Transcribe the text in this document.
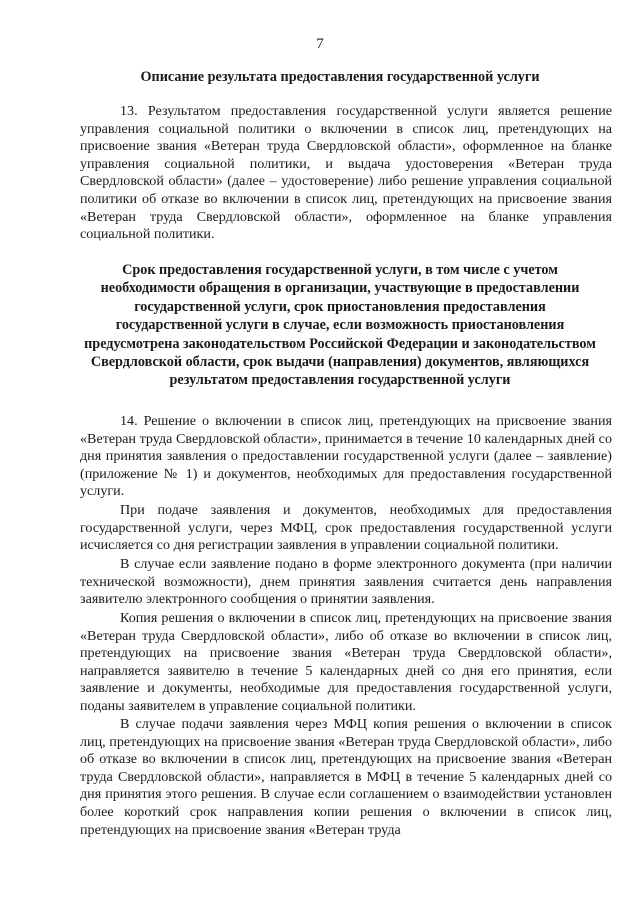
7
Описание результата предоставления государственной услуги

13. Результатом предоставления государственной услуги является решение управления социальной политики о включении в список лиц, претендующих на присвоение звания «Ветеран труда Свердловской области», оформленное на бланке управления социальной политики, и выдача удостоверения «Ветеран труда Свердловской области» (далее – удостоверение) либо решение управления социальной политики об отказе во включении в список лиц, претендующих на присвоение звания «Ветеран труда Свердловской области», оформленное на бланке управления социальной политики.

Срок предоставления государственной услуги, в том числе с учетом необходимости обращения в организации, участвующие в предоставлении государственной услуги, срок приостановления предоставления государственной услуги в случае, если возможность приостановления предусмотрена законодательством Российской Федерации и законодательством Свердловской области, срок выдачи (направления) документов, являющихся результатом предоставления государственной услуги

14. Решение о включении в список лиц, претендующих на присвоение звания «Ветеран труда Свердловской области», принимается в течение 10 календарных дней со дня принятия заявления о предоставлении государственной услуги (далее – заявление) (приложение № 1) и документов, необходимых для предоставления государственной услуги.

При подаче заявления и документов, необходимых для предоставления государственной услуги, через МФЦ, срок предоставления государственной услуги исчисляется со дня регистрации заявления в управлении социальной политики.

В случае если заявление подано в форме электронного документа (при наличии технической возможности), днем принятия заявления считается день направления заявителю электронного сообщения о принятии заявления.

Копия решения о включении в список лиц, претендующих на присвоение звания «Ветеран труда Свердловской области», либо об отказе во включении в список лиц, претендующих на присвоение звания «Ветеран труда Свердловской области», направляется заявителю в течение 5 календарных дней со дня его принятия, если заявление и документы, необходимые для предоставления государственной услуги, поданы заявителем в управление социальной политики.

В случае подачи заявления через МФЦ копия решения о включении в список лиц, претендующих на присвоение звания «Ветеран труда Свердловской области», либо об отказе во включении в список лиц, претендующих на присвоение звания «Ветеран труда Свердловской области», направляется в МФЦ в течение 5 календарных дней со дня принятия этого решения. В случае если соглашением о взаимодействии установлен более короткий срок направления копии решения о включении в список лиц, претендующих на присвоение звания «Ветеран труда
